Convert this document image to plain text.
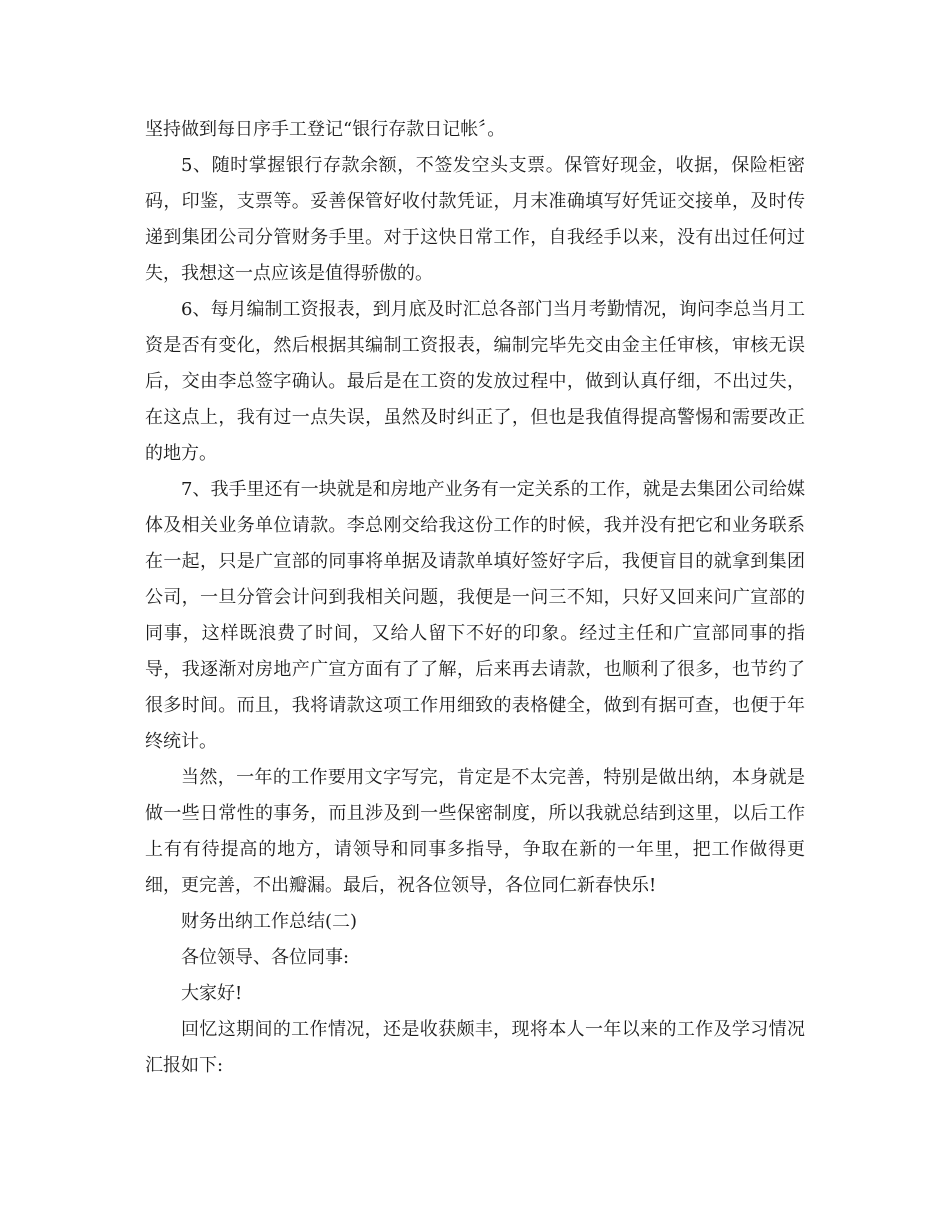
坚持做到每日序手工登记“银行存款日记帐〞。

5、随时掌握银行存款余额，不签发空头支票。保管好现金，收据，保险柜密码，印鉴，支票等。妥善保管好收付款凭证，月末准确填写好凭证交接单，及时传递到集团公司分管财务手里。对于这快日常工作，自我经手以来，没有出过任何过失，我想这一点应该是值得骄傲的。

6、每月编制工资报表，到月底及时汇总各部门当月考勤情况，询问李总当月工资是否有变化，然后根据其编制工资报表，编制完毕先交由金主任审核，审核无误后，交由李总签字确认。最后是在工资的发放过程中，做到认真仔细，不出过失，在这点上，我有过一点失误，虽然及时纠正了，但也是我值得提高警惕和需要改正的地方。

7、我手里还有一块就是和房地产业务有一定关系的工作，就是去集团公司给媒体及相关业务单位请款。李总刚交给我这份工作的时候，我并没有把它和业务联系在一起，只是广宣部的同事将单据及请款单填好签好字后，我便盲目的就拿到集团公司，一旦分管会计问到我相关问题，我便是一问三不知，只好又回来问广宣部的同事，这样既浪费了时间，又给人留下不好的印象。经过主任和广宣部同事的指导，我逐渐对房地产广宣方面有了了解，后来再去请款，也顺利了很多，也节约了很多时间。而且，我将请款这项工作用细致的表格健全，做到有据可查，也便于年终统计。

当然，一年的工作要用文字写完，肯定是不太完善，特别是做出纳，本身就是做一些日常性的事务，而且涉及到一些保密制度，所以我就总结到这里，以后工作上有有待提高的地方，请领导和同事多指导，争取在新的一年里，把工作做得更细，更完善，不出瓣漏。最后，祝各位领导，各位同仁新春快乐!

财务出纳工作总结(二)

各位领导、各位同事:

大家好!

回忆这期间的工作情况，还是收获颇丰，现将本人一年以来的工作及学习情况汇报如下:
